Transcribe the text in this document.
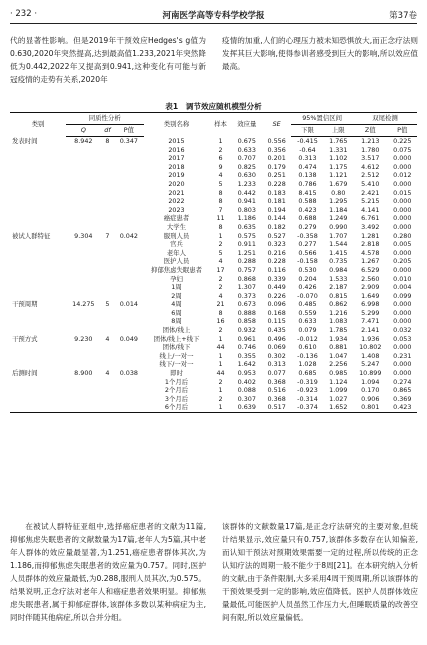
· 232 ·	河南医学高等专科学校学报	第37卷

代的显著性影响。但是2019年干预效应Hedges's g值为0.630,2020年突然提高,达到最高值1.233,2021年突然降低为0.442,2022年又提高到0.941,这种变化有可能与新冠疫情的走势有关系,2020年

疫情的加重,人们的心理压力被未知恐惧放大,而正念疗法则发挥其巨大影响,使得参训者感受到巨大的影响,所以效应值最高。

表1　调节效应随机模型分析
类别	同质性分析			类别名称	样本	效应量	SE	95%置信区间		双尾检测	
	Q	df	P值					下限	上限	Z值	P值
发表时间	8.942	8	0.347	2015	1	0.675	0.556	-0.415	1.765	1.213	0.225
				2016	2	0.633	0.356	-0.64	1.331	1.780	0.075
				2017	6	0.707	0.201	0.313	1.102	3.517	0.000
				2018	9	0.825	0.179	0.474	1.175	4.612	0.000
				2019	4	0.630	0.251	0.138	1.121	2.512	0.012
				2020	5	1.233	0.228	0.786	1.679	5.410	0.000
				2021	8	0.442	0.183	8.415	0.80	2.421	0.015
				2022	8	0.941	0.181	0.588	1.295	5.215	0.000
				2023	7	0.803	0.194	0.423	1.184	4.141	0.000
				癌症患者	11	1.186	0.144	0.688	1.249	6.761	0.000
				大学生	8	0.635	0.182	0.279	0.990	3.492	0.000
被试人群特征	9.304	7	0.042	服刑人员	1	0.575	0.527	-0.358	1.707	1.281	0.280
				官兵	2	0.911	0.323	0.277	1.544	2.818	0.005
				老年人	5	1.251	0.216	0.566	1.415	4.578	0.000
				医护人员	4	0.288	0.228	-0.158	0.735	1.267	0.205
				抑郁焦虑失眠患者	17	0.757	0.116	0.530	0.984	6.529	0.000
				孕妇	2	0.868	0.339	0.204	1.533	2.560	0.010
				1周	2	1.307	0.449	0.426	2.187	2.909	0.004
				2周	4	0.373	0.226	-0.070	0.815	1.649	0.099
干预周期	14.275	5	0.014	4周	21	0.673	0.096	0.485	0.862	6.998	0.000
				6周	8	0.888	0.168	0.559	1.216	5.299	0.000
				8周	16	0.858	0.115	0.633	1.083	7.471	0.000
				团体/线上	2	0.932	0.435	0.079	1.785	2.141	0.032
干预方式	9.230	4	0.049	团体/线上+线下	1	0.961	0.496	-0.012	1.934	1.936	0.053
				团体/线下	44	0.746	0.069	0.610	0.881	10.802	0.000
				线上/一对一	1	0.355	0.302	-0.136	1.047	1.408	0.231
				线下/一对一	1	1.642	0.313	1.028	2.256	5.247	0.000
后测时间	8.900	4	0.038	即时	44	0.953	0.077	0.685	0.985	10.899	0.000
				1个月后	2	0.402	0.368	-0.319	1.124	1.094	0.274
				2个月后	1	0.088	0.516	-0.923	1.099	0.170	0.865
				3个月后	2	0.307	0.368	-0.314	1.027	0.906	0.369
				6个月后	1	0.639	0.517	-0.374	1.652	0.801	0.423

在被试人群特征亚组中,选择癌症患者的文献为11篇,抑郁焦虑失眠患者的文献数量为17篇,老年人为5篇,其中老年人群体的效应量最显著,为1.251,癌症患者群体其次,为1.186,而抑郁焦虑失眠患者的效应量为0.757。同时,医护人员群体的效应量最低,为0.288,服刑人员其次,为0.575。结果说明,正念疗法对老年人和癌症患者效果明显。抑郁焦虑失眠患者,属于抑郁症群体,该群体多数以某种病症为主,同时伴随其他病症,所以合并分组。

该群体的文献数量17篇,是正念疗法研究的主要对象,但统计结果显示,效应量只有0.757,该群体多数存在认知偏差,而认知干预法对预期效果需要一定的过程,所以传统的正念认知疗法的周期一般不能少于8周[21]。在本研究纳入分析的文献,由于条件限制,大多采用4周干预周期,所以该群体的干预效果受到一定的影响,效应值降低。医护人员群体效应量最低,可能医护人员虽然工作压力大,但睡眠质量的改善空间有限,所以效应量偏低。
